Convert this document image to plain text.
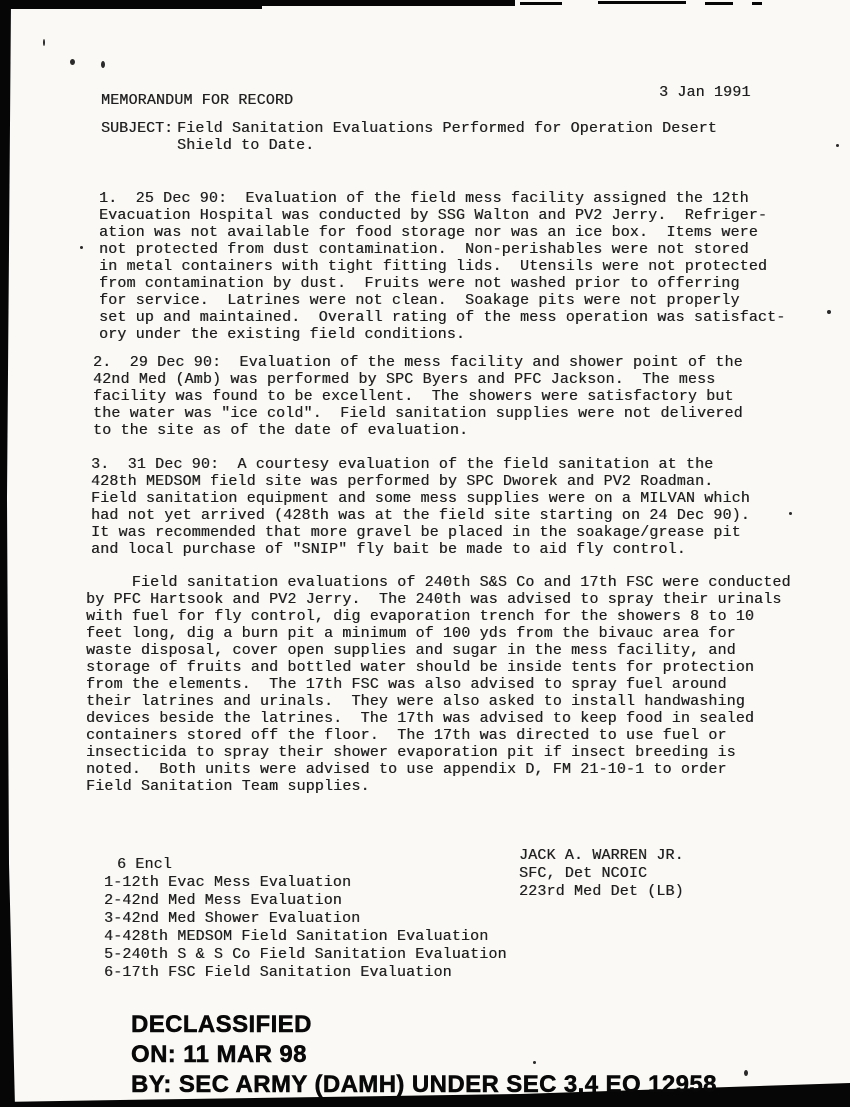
3 Jan 1991
MEMORANDUM FOR RECORD
SUBJECT: Field Sanitation Evaluations Performed for Operation Desert
Shield to Date.
1.  25 Dec 90:  Evaluation of the field mess facility assigned the 12th
Evacuation Hospital was conducted by SSG Walton and PV2 Jerry.  Refriger-
ation was not available for food storage nor was an ice box.  Items were
not protected from dust contamination.  Non-perishables were not stored
in metal containers with tight fitting lids.  Utensils were not protected
from contamination by dust.  Fruits were not washed prior to offerring
for service.  Latrines were not clean.  Soakage pits were not properly
set up and maintained.  Overall rating of the mess operation was satisfact-
ory under the existing field conditions.
2.  29 Dec 90:  Evaluation of the mess facility and shower point of the
42nd Med (Amb) was performed by SPC Byers and PFC Jackson.  The mess
facility was found to be excellent.  The showers were satisfactory but
the water was "ice cold".  Field sanitation supplies were not delivered
to the site as of the date of evaluation.
3.  31 Dec 90:  A courtesy evaluation of the field sanitation at the
428th MEDSOM field site was performed by SPC Dworek and PV2 Roadman.
Field sanitation equipment and some mess supplies were on a MILVAN which
had not yet arrived (428th was at the field site starting on 24 Dec 90).
It was recommended that more gravel be placed in the soakage/grease pit
and local purchase of "SNIP" fly bait be made to aid fly control.
Field sanitation evaluations of 240th S&S Co and 17th FSC were conducted
by PFC Hartsook and PV2 Jerry.  The 240th was advised to spray their urinals
with fuel for fly control, dig evaporation trench for the showers 8 to 10
feet long, dig a burn pit a minimum of 100 yds from the bivauc area for
waste disposal, cover open supplies and sugar in the mess facility, and
storage of fruits and bottled water should be inside tents for protection
from the elements.  The 17th FSC was also advised to spray fuel around
their latrines and urinals.  They were also asked to install handwashing
devices beside the latrines.  The 17th was advised to keep food in sealed
containers stored off the floor.  The 17th was directed to use fuel or
insecticida to spray their shower evaporation pit if insect breeding is
noted.  Both units were advised to use appendix D, FM 21-10-1 to order
Field Sanitation Team supplies.
6 Encl
1-12th Evac Mess Evaluation
2-42nd Med Mess Evaluation
3-42nd Med Shower Evaluation
4-428th MEDSOM Field Sanitation Evaluation
5-240th S & S Co Field Sanitation Evaluation
6-17th FSC Field Sanitation Evaluation
JACK A. WARREN JR.
SFC, Det NCOIC
223rd Med Det (LB)
DECLASSIFIED
ON: 11 MAR 98
BY: SEC ARMY (DAMH) UNDER SEC 3.4 EO 12958
